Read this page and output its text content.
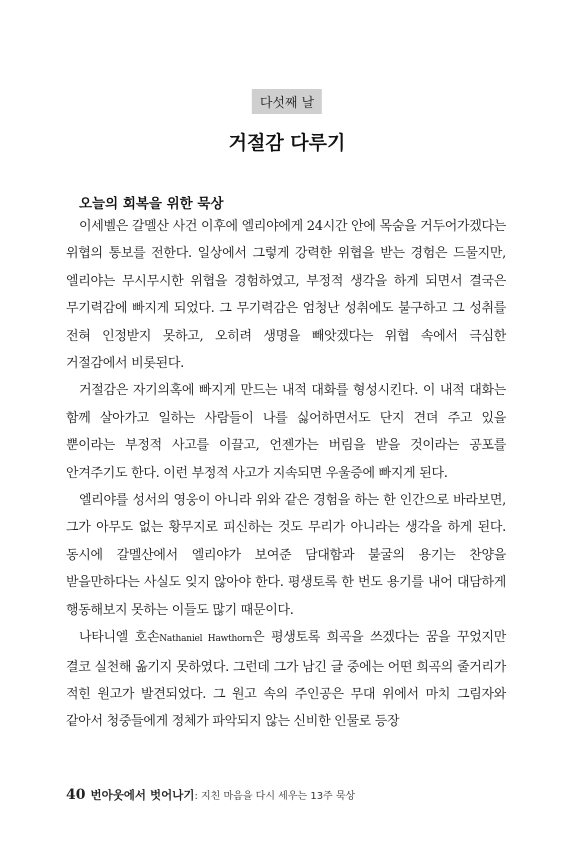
다섯째 날
거절감 다루기
오늘의 회복을 위한 묵상

이세벨은 갈멜산 사건 이후에 엘리야에게 24시간 안에 목숨을 거두어가겠다는 위협의 통보를 전한다. 일상에서 그렇게 강력한 위협을 받는 경험은 드물지만, 엘리야는 무시무시한 위협을 경험하였고, 부정적 생각을 하게 되면서 결국은 무기력감에 빠지게 되었다. 그 무기력감은 엄청난 성취에도 불구하고 그 성취를 전혀 인정받지 못하고, 오히려 생명을 빼앗겠다는 위협 속에서 극심한 거절감에서 비롯된다.

거절감은 자기의혹에 빠지게 만드는 내적 대화를 형성시킨다. 이 내적 대화는 함께 살아가고 일하는 사람들이 나를 싫어하면서도 단지 견뎌 주고 있을 뿐이라는 부정적 사고를 이끌고, 언젠가는 버림을 받을 것이라는 공포를 안겨주기도 한다. 이런 부정적 사고가 지속되면 우울증에 빠지게 된다.

엘리야를 성서의 영웅이 아니라 위와 같은 경험을 하는 한 인간으로 바라보면, 그가 아무도 없는 황무지로 피신하는 것도 무리가 아니라는 생각을 하게 된다. 동시에 갈멜산에서 엘리야가 보여준 담대함과 불굴의 용기는 찬양을 받을만하다는 사실도 잊지 않아야 한다. 평생토록 한 번도 용기를 내어 대담하게 행동해보지 못하는 이들도 많기 때문이다.

나타니엘 호손Nathaniel Hawthorn은 평생토록 희곡을 쓰겠다는 꿈을 꾸었지만 결코 실천해 옮기지 못하였다. 그런데 그가 남긴 글 중에는 어떤 희곡의 줄거리가 적힌 원고가 발견되었다. 그 원고 속의 주인공은 무대 위에서 마치 그림자와 같아서 청중들에게 정체가 파악되지 않는 신비한 인물로 등장

40 번아웃에서 벗어나기: 지친 마음을 다시 세우는 13주 묵상
